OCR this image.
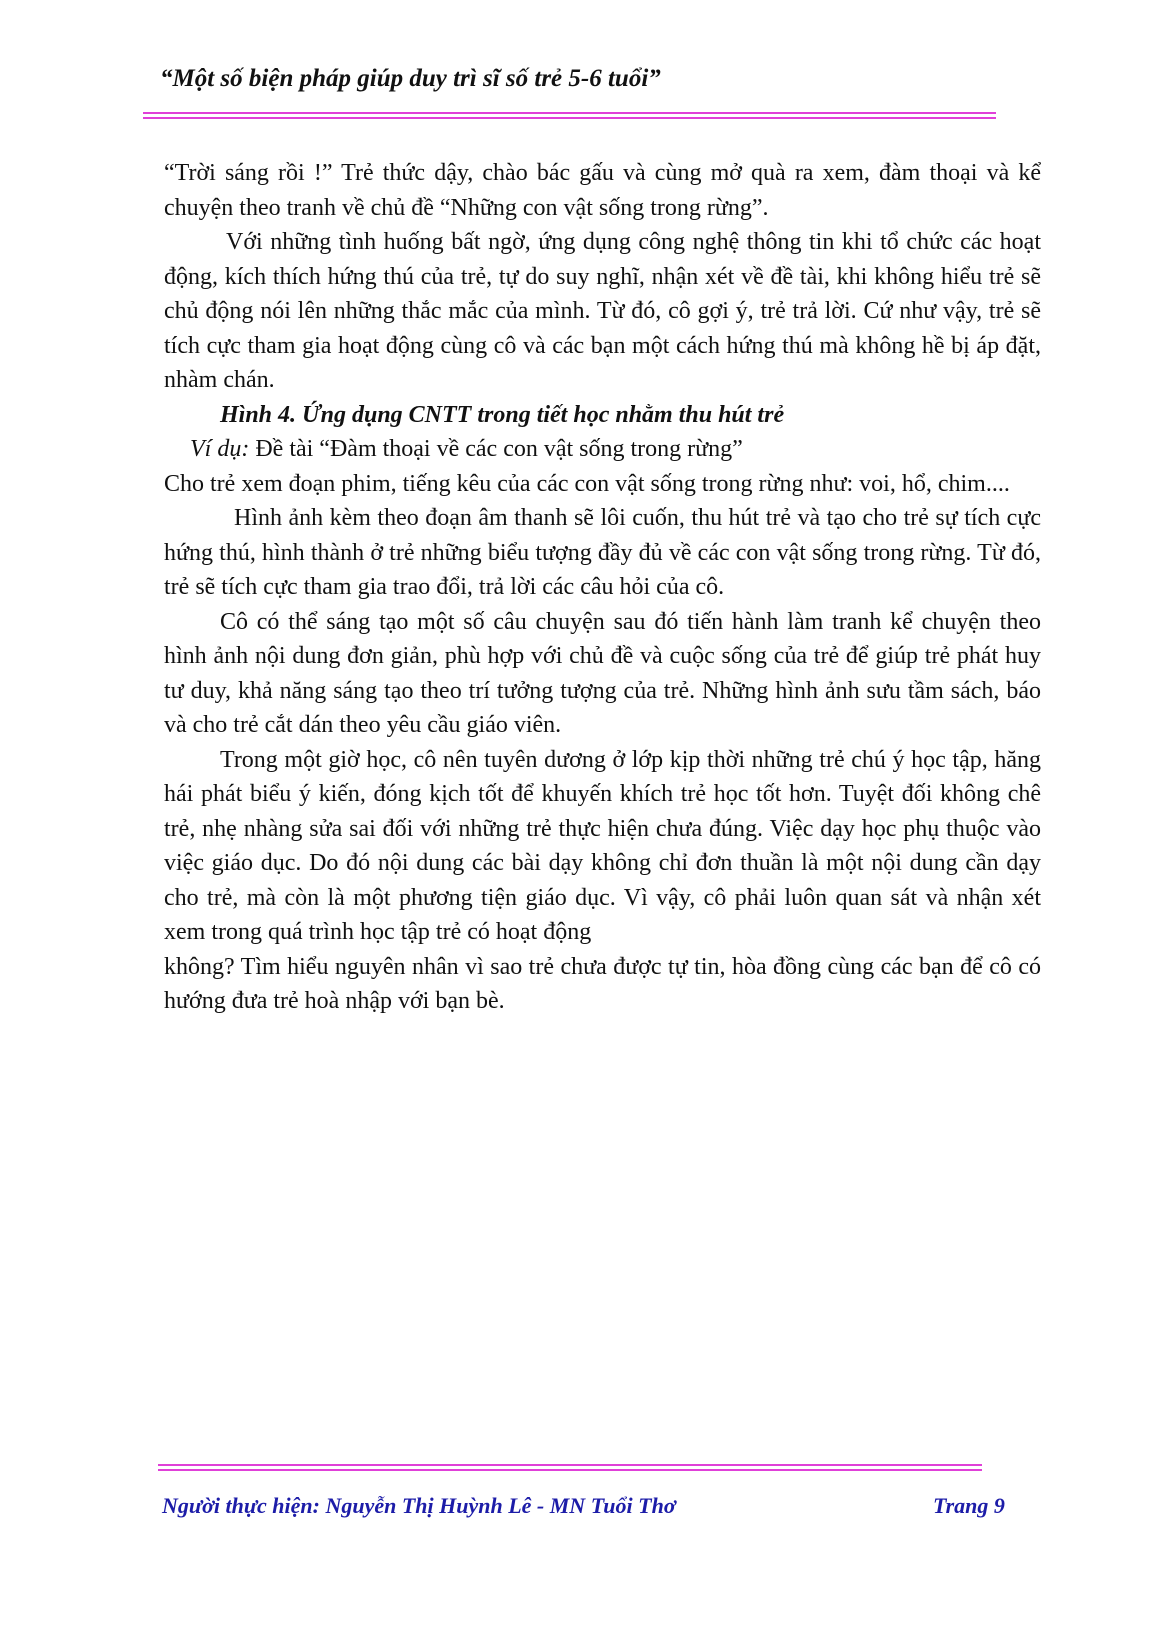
“Một số biện pháp giúp duy trì sĩ số trẻ 5-6 tuổi”

“Trời sáng rồi !” Trẻ thức dậy, chào bác gấu và cùng mở quà ra xem, đàm thoại và kể chuyện theo tranh về chủ đề “Những con vật sống trong rừng”.

Với những tình huống bất ngờ, ứng dụng công nghệ thông tin khi tổ chức các hoạt động, kích thích hứng thú của trẻ, tự do suy nghĩ, nhận xét về đề tài, khi không hiểu trẻ sẽ chủ động nói lên những thắc mắc của mình. Từ đó, cô gợi ý, trẻ trả lời. Cứ như vậy, trẻ sẽ tích cực tham gia hoạt động cùng cô và các bạn một cách hứng thú mà không hề bị áp đặt, nhàm chán.

Hình 4. Ứng dụng CNTT trong tiết học nhằm thu hút trẻ

Ví dụ: Đề tài “Đàm thoại về các con vật sống trong rừng”

Cho trẻ xem đoạn phim, tiếng kêu của các con vật sống trong rừng như: voi, hổ, chim....

Hình ảnh kèm theo đoạn âm thanh sẽ lôi cuốn, thu hút trẻ và tạo cho trẻ sự tích cực hứng thú, hình thành ở trẻ những biểu tượng đầy đủ về các con vật sống trong rừng. Từ đó, trẻ sẽ tích cực tham gia trao đổi, trả lời các câu hỏi của cô.

Cô có thể sáng tạo một số câu chuyện sau đó tiến hành làm tranh kể chuyện theo hình ảnh nội dung đơn giản, phù hợp với chủ đề và cuộc sống của trẻ để giúp trẻ phát huy tư duy, khả năng sáng tạo theo trí tưởng tượng của trẻ. Những hình ảnh sưu tầm sách, báo và cho trẻ cắt dán theo yêu cầu giáo viên.

Trong một giờ học, cô nên tuyên dương ở lớp kịp thời những trẻ chú ý học tập, hăng hái phát biểu ý kiến, đóng kịch tốt để khuyến khích trẻ học tốt hơn. Tuyệt đối không chê trẻ, nhẹ nhàng sửa sai đối với những trẻ thực hiện chưa đúng. Việc dạy học phụ thuộc vào việc giáo dục. Do đó nội dung các bài dạy không chỉ đơn thuần là một nội dung cần dạy cho trẻ, mà còn là một phương tiện giáo dục. Vì vậy, cô phải luôn quan sát và nhận xét xem trong quá trình học tập trẻ có hoạt động

không? Tìm hiểu nguyên nhân vì sao trẻ chưa được tự tin, hòa đồng cùng các bạn để cô có hướng đưa trẻ hoà nhập với bạn bè.

Người thực hiện: Nguyễn Thị Huỳnh Lê - MN Tuổi Thơ	Trang 9
